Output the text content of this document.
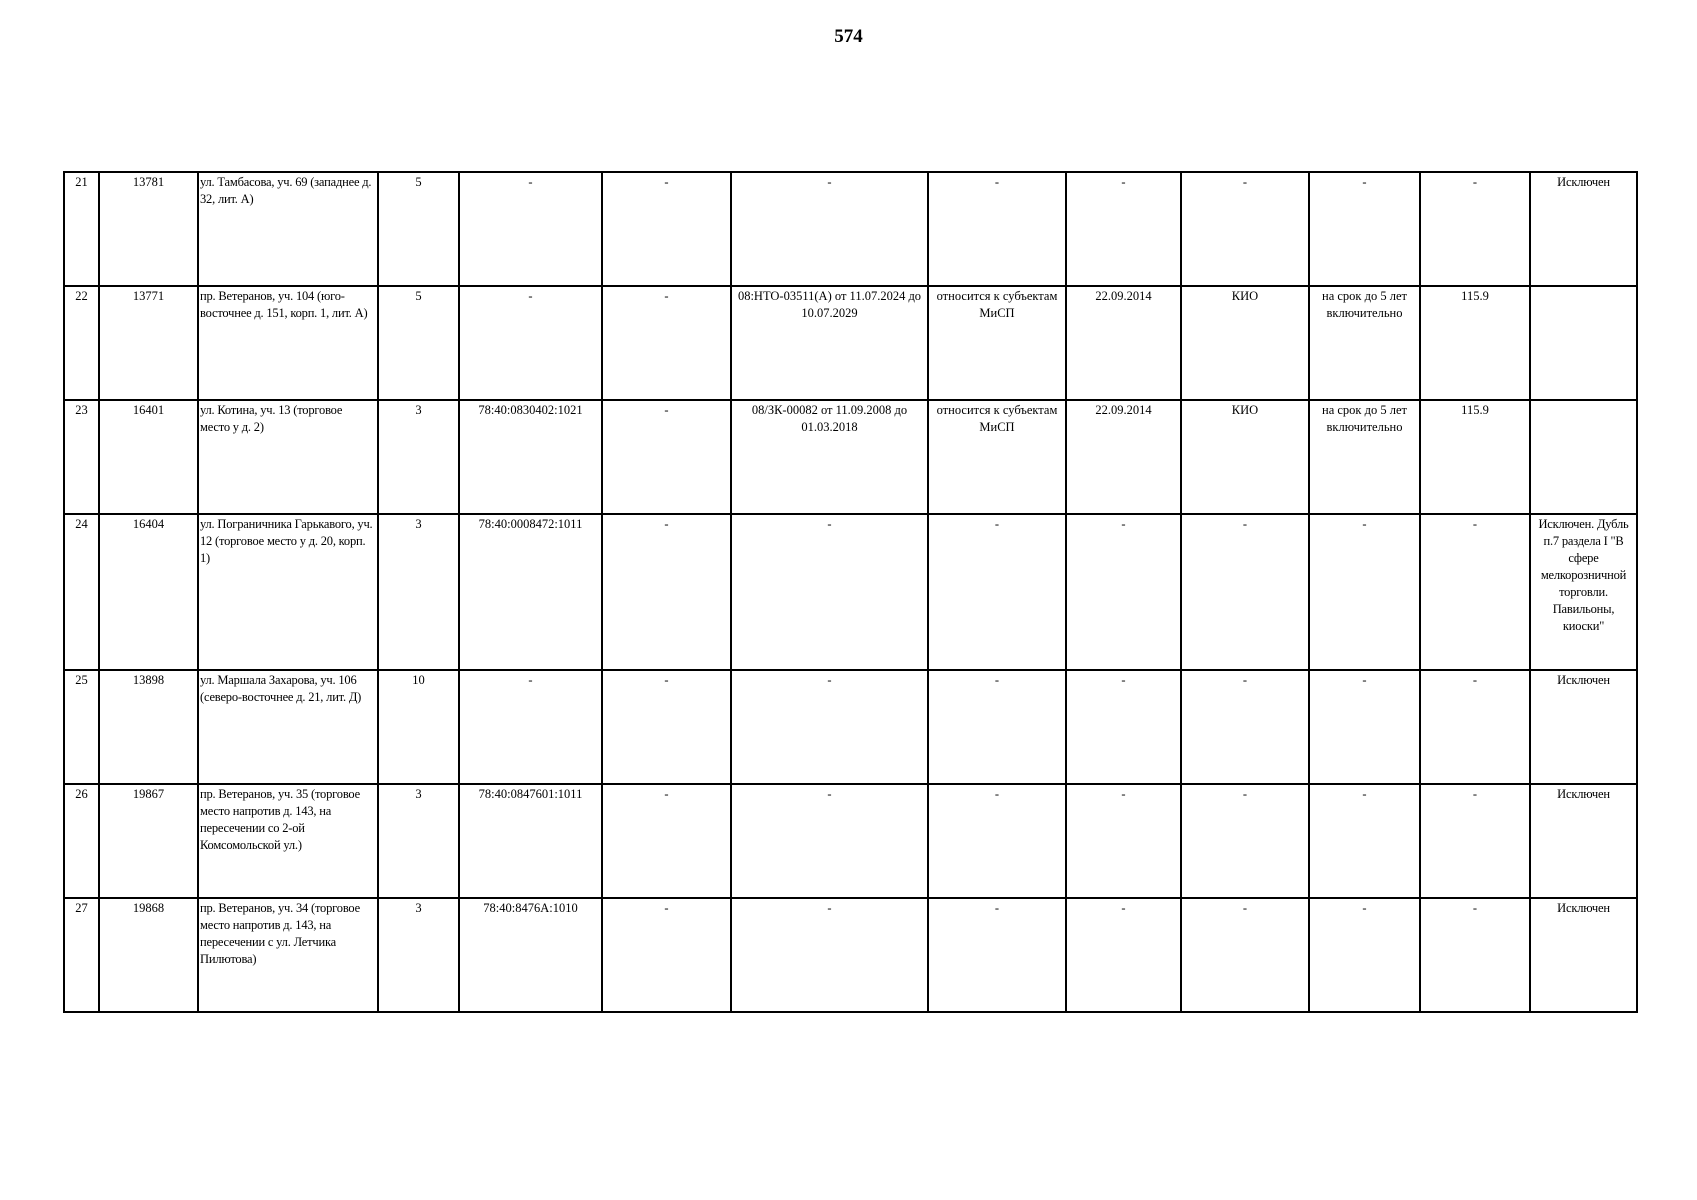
574
21	13781	ул. Тамбасова, уч. 69 (западнее д. 32, лит. А)	5	-	-	-	-	-	-	-	-	Исключен
22	13771	пр. Ветеранов, уч. 104 (юго-восточнее д. 151, корп. 1, лит. А)	5	-	-	08:НТО-03511(А) от 11.07.2024 до 10.07.2029	относится к субъектам МиСП	22.09.2014	КИО	на срок до 5 лет включительно	115.9	
23	16401	ул. Котина, уч. 13 (торговое место у д. 2)	3	78:40:0830402:1021	-	08/ЗК-00082 от 11.09.2008 до 01.03.2018	относится к субъектам МиСП	22.09.2014	КИО	на срок до 5 лет включительно	115.9	
24	16404	ул. Пограничника Гарькавого, уч. 12 (торговое место у д. 20, корп. 1)	3	78:40:0008472:1011	-	-	-	-	-	-	-	Исключен. Дубль п.7 раздела I "В сфере мелкорозничной торговли. Павильоны, киоски"
25	13898	ул. Маршала Захарова, уч. 106 (северо-восточнее д. 21, лит. Д)	10	-	-	-	-	-	-	-	-	Исключен
26	19867	пр. Ветеранов, уч. 35 (торговое место напротив д. 143, на пересечении со 2-ой Комсомольской ул.)	3	78:40:0847601:1011	-	-	-	-	-	-	-	Исключен
27	19868	пр. Ветеранов, уч. 34 (торговое место напротив д. 143, на пересечении с ул. Летчика Пилютова)	3	78:40:8476А:1010	-	-	-	-	-	-	-	Исключен
